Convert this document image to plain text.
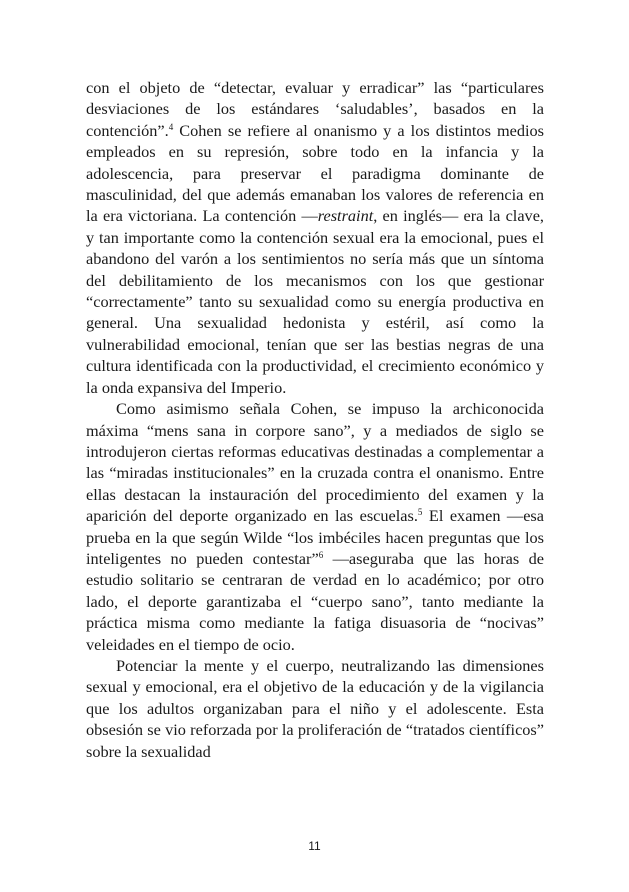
con el objeto de “detectar, evaluar y erradicar” las “particulares desviaciones de los estándares ‘saludables’, basados en la contención”.$^4$ Cohen se refiere al onanismo y a los distintos medios empleados en su represión, sobre todo en la infancia y la adolescencia, para preservar el paradigma dominante de masculinidad, del que además emanaban los valores de referencia en la era victoriana. La contención —restraint, en inglés— era la clave, y tan importante como la contención sexual era la emocional, pues el abandono del varón a los sentimientos no sería más que un síntoma del debilitamiento de los mecanismos con los que gestionar “correctamente” tanto su sexualidad como su energía productiva en general. Una sexualidad hedonista y estéril, así como la vulnerabilidad emocional, tenían que ser las bestias negras de una cultura identificada con la productividad, el crecimiento económico y la onda expansiva del Imperio.

Como asimismo señala Cohen, se impuso la archiconocida máxima “mens sana in corpore sano”, y a mediados de siglo se introdujeron ciertas reformas educativas destinadas a complementar a las “miradas institucionales” en la cruzada contra el onanismo. Entre ellas destacan la instauración del procedimiento del examen y la aparición del deporte organizado en las escuelas.$^5$ El examen —esa prueba en la que según Wilde “los imbéciles hacen preguntas que los inteligentes no pueden contestar”$^6$ —aseguraba que las horas de estudio solitario se centraran de verdad en lo académico; por otro lado, el deporte garantizaba el “cuerpo sano”, tanto mediante la práctica misma como mediante la fatiga disuasoria de “nocivas” veleidades en el tiempo de ocio.

Potenciar la mente y el cuerpo, neutralizando las dimensiones sexual y emocional, era el objetivo de la educación y de la vigilancia que los adultos organizaban para el niño y el adolescente. Esta obsesión se vio reforzada por la proliferación de “tratados científicos” sobre la sexualidad

11
